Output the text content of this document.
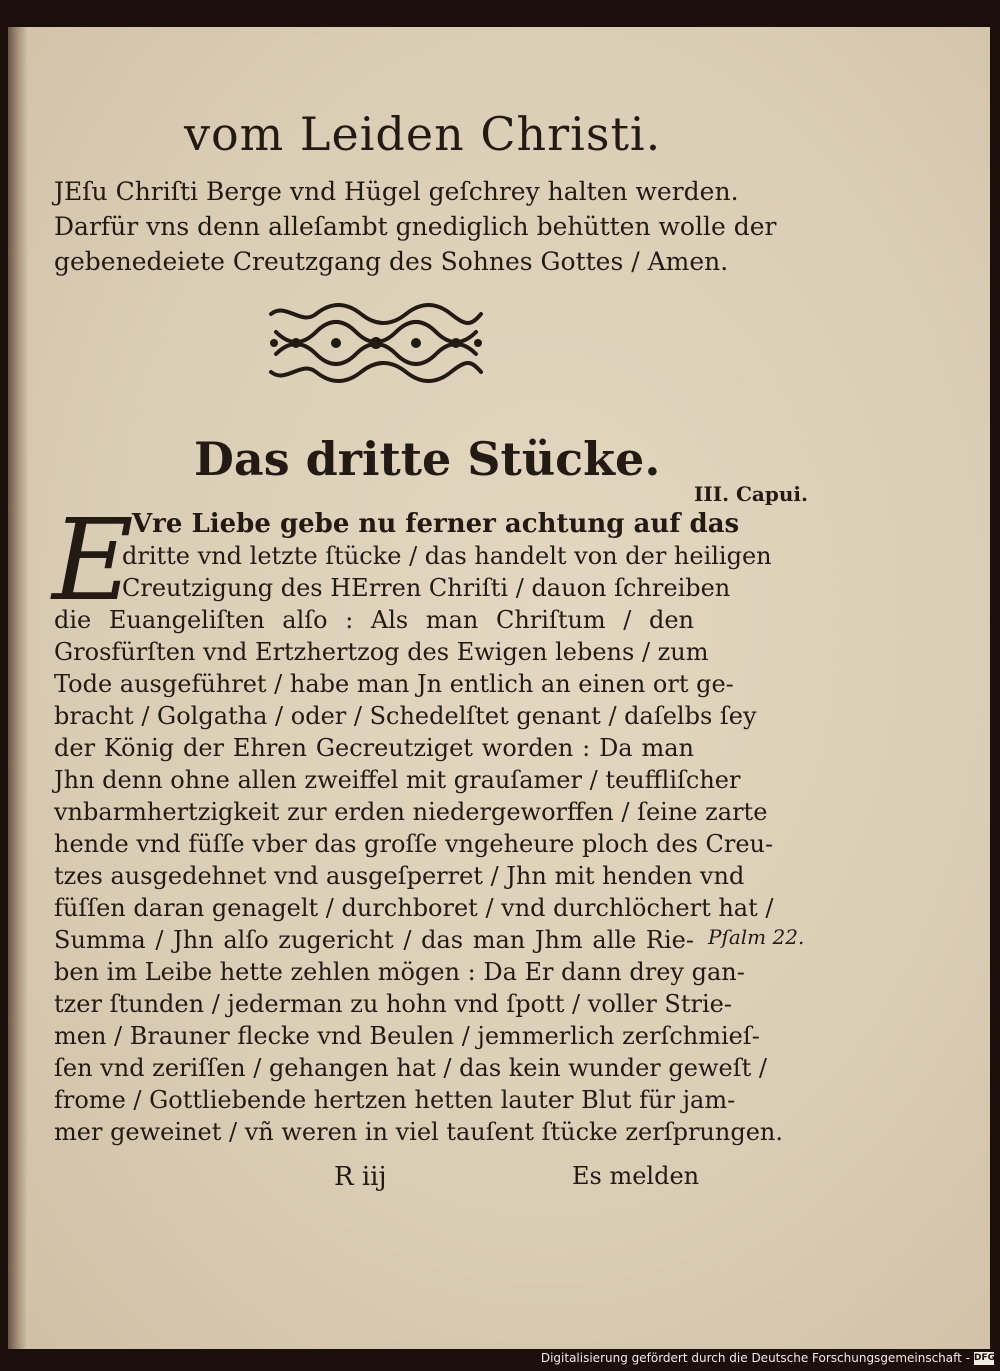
vom Leiden Christi.
JEſu Chriſti Berge vnd Hügel geſchrey halten werden.
Darfür vns denn alleſambt gnediglich behütten wolle der
gebenedeiete Creutzgang des Sohnes Gottes / Amen.
Das dritte Stücke.
E
Vre Liebe gebe nu ferner achtung auf das
dritte vnd letzte ſtücke / das handelt von der heiligen
Creutzigung des HErren Chriſti / dauon ſchreiben
die Euangeliſten alſo : Als man Chriſtum / den
Grosfürſten vnd Ertzhertzog des Ewigen lebens / zum
Tode ausgeführet / habe man Jn entlich an einen ort ge-
bracht / Golgatha / oder / Schedelſtet genant / daſelbs ſey
der König der Ehren Gecreutziget worden : Da man
Jhn denn ohne allen zweiffel mit grauſamer / teuffliſcher
vnbarmhertzigkeit zur erden niedergeworffen / ſeine zarte
hende vnd füſſe vber das groſſe vngeheure ploch des Creu-
tzes ausgedehnet vnd ausgeſperret / Jhn mit henden vnd
füſſen daran genagelt / durchboret / vnd durchlöchert hat /
Summa / Jhn alſo zugericht / das man Jhm alle Rie-
ben im Leibe hette zehlen mögen : Da Er dann drey gan-
tzer ſtunden / jederman zu hohn vnd ſpott / voller Strie-
men / Brauner flecke vnd Beulen / jemmerlich zerſchmieſ-
ſen vnd zeriſſen / gehangen hat / das kein wunder geweſt /
frome / Gottliebende hertzen hetten lauter Blut für jam-
mer geweinet / vñ weren in viel tauſent ſtücke zerſprungen.
R iij	Es melden
III. Capui.
Pſalm 22.
Digitalisierung gefördert durch die Deutsche Forschungsgemeinschaft - DFG
